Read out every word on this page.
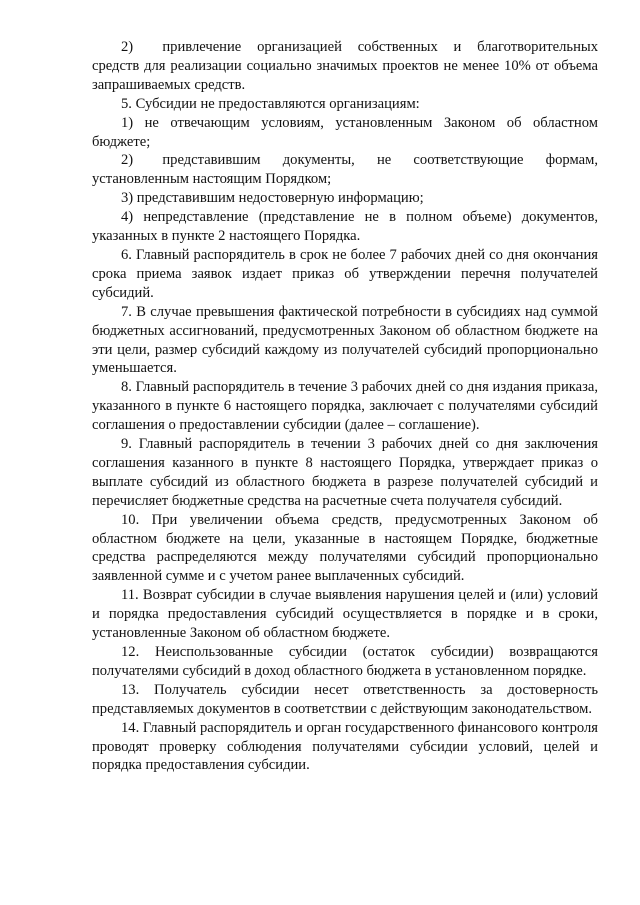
2)  привлечение организацией собственных и благотворительных средств для реализации социально значимых проектов не менее 10% от объема запрашиваемых средств.

5. Субсидии не предоставляются организациям:

1) не отвечающим условиям, установленным Законом об областном бюджете;

2)  представившим документы, не соответствующие формам, установленным настоящим Порядком;

3) представившим недостоверную информацию;

4) непредставление (представление не в полном объеме) документов, указанных в пункте 2 настоящего Порядка.

6. Главный распорядитель в срок не более 7 рабочих дней со дня окончания срока приема заявок издает приказ об утверждении перечня получателей субсидий.

7. В случае превышения фактической потребности в субсидиях над суммой бюджетных ассигнований, предусмотренных Законом об областном бюджете на эти цели, размер субсидий каждому из получателей субсидий пропорционально уменьшается.

8. Главный распорядитель в течение 3 рабочих дней со дня издания приказа, указанного в пункте 6 настоящего порядка, заключает с получателями субсидий соглашения о предоставлении субсидии (далее – соглашение).

9. Главный распорядитель в течении 3 рабочих дней со дня заключения соглашения казанного в пункте 8 настоящего Порядка, утверждает приказ о выплате субсидий из областного бюджета в разрезе получателей субсидий и перечисляет бюджетные средства на расчетные счета получателя субсидий.

10. При увеличении объема средств, предусмотренных Законом об областном бюджете на цели, указанные в настоящем Порядке, бюджетные средства распределяются между получателями субсидий пропорционально заявленной сумме и с учетом ранее выплаченных субсидий.

11. Возврат субсидии в случае выявления нарушения целей и (или) условий и порядка предоставления субсидий осуществляется в порядке и в сроки, установленные Законом об областном бюджете.

12. Неиспользованные субсидии (остаток субсидии) возвращаются получателями субсидий в доход областного бюджета в установленном порядке.

13. Получатель субсидии несет ответственность за достоверность представляемых документов в соответствии с действующим законодательством.

14. Главный распорядитель и орган государственного финансового контроля проводят проверку соблюдения получателями субсидии условий, целей и порядка предоставления субсидии.
